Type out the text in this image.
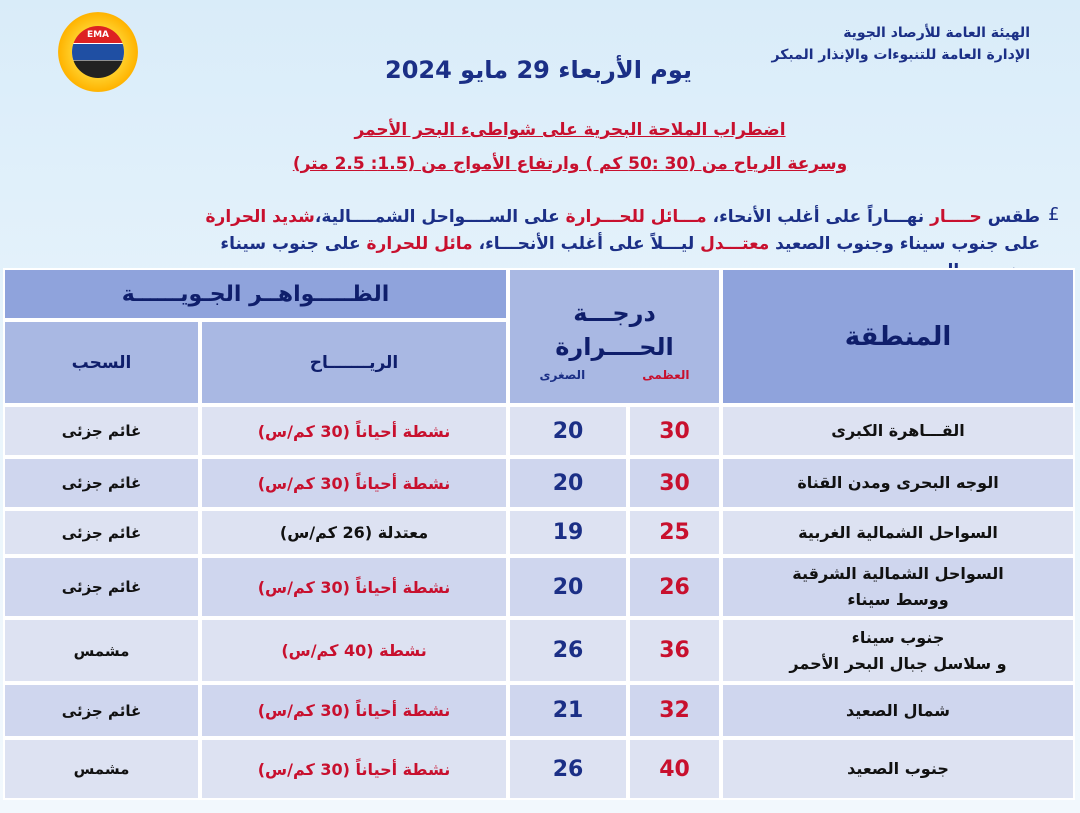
EMA	الهيئة العامة للأرصاد الجوية
الإدارة العامة للتنبوءات والإنذار المبكر
يوم الأربعاء 29 مايو 2024
اضطراب الملاحة البحرية على شواطىء البحر الأحمر
وسرعة الرياح من (30 :50 كم ) وارتفاع الأمواج من (1.5: 2.5 متر)
£
طقس حــــار نهـــاراً على أغلب الأنحاء، مـــائل للحـــرارة على الســــواحل الشمــــالية،شديد الحرارة على جنوب سيناء وجنوب الصعيد معتـــدل ليـــلاً على أغلب الأنحـــاء، مائل للحرارة على جنوب سيناء
المنطقة
درجـــة الحــــرارة
العظمى
الصغرى
الظـــــواهــر الجـويــــــة
الريـــــــاح
السحب
القـــاهرة الكبرى
30
20
نشطة أحياناً (30 كم/س)
غائم جزئى
الوجه البحرى ومدن القناة
30
20
نشطة أحياناً (30 كم/س)
غائم جزئى
السواحل الشمالية الغربية
25
19
معتدلة (26 كم/س)
غائم جزئى
السواحل الشمالية الشرقية
ووسط سيناء
26
20
نشطة أحياناً (30 كم/س)
غائم جزئى
جنوب سيناء
و سلاسل جبال البحر الأحمر
36
26
نشطة (40 كم/س)
مشمس
شمال الصعيد
32
21
نشطة أحياناً (30 كم/س)
غائم جزئى
جنوب الصعيد
40
26
نشطة أحياناً (30 كم/س)
مشمس
